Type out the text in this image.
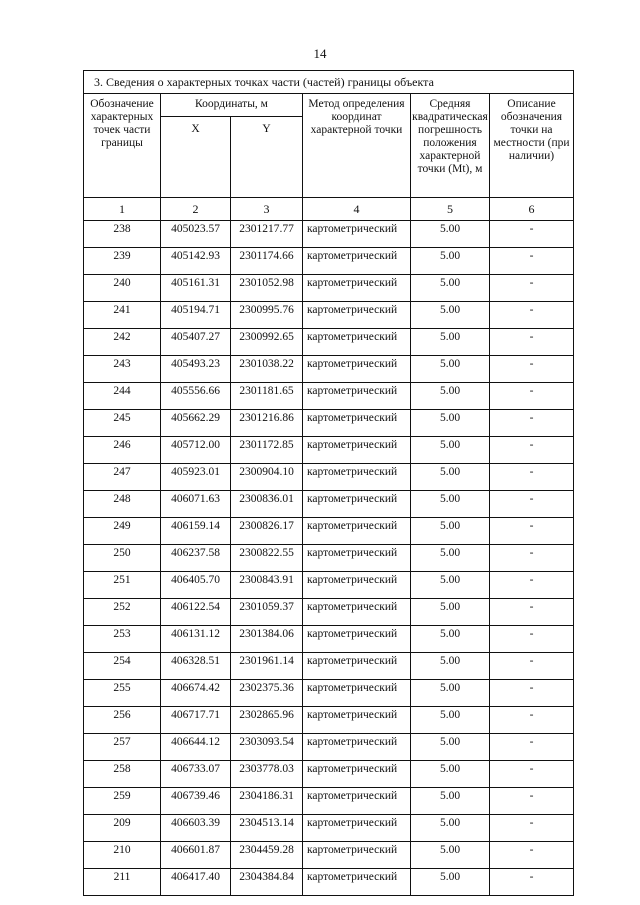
14
3. Сведения о характерных точках части (частей) границы объекта					
Обозначение характерных точек части границы	Координаты, м		Метод определения координат характерной точки	Средняя квадратическая погрешность положения характерной точки (Mt), м	Описание обозначения точки на местности (при наличии)
	X	Y			
1	2	3	4	5	6
238	405023.57	2301217.77	картометрический	5.00	-
239	405142.93	2301174.66	картометрический	5.00	-
240	405161.31	2301052.98	картометрический	5.00	-
241	405194.71	2300995.76	картометрический	5.00	-
242	405407.27	2300992.65	картометрический	5.00	-
243	405493.23	2301038.22	картометрический	5.00	-
244	405556.66	2301181.65	картометрический	5.00	-
245	405662.29	2301216.86	картометрический	5.00	-
246	405712.00	2301172.85	картометрический	5.00	-
247	405923.01	2300904.10	картометрический	5.00	-
248	406071.63	2300836.01	картометрический	5.00	-
249	406159.14	2300826.17	картометрический	5.00	-
250	406237.58	2300822.55	картометрический	5.00	-
251	406405.70	2300843.91	картометрический	5.00	-
252	406122.54	2301059.37	картометрический	5.00	-
253	406131.12	2301384.06	картометрический	5.00	-
254	406328.51	2301961.14	картометрический	5.00	-
255	406674.42	2302375.36	картометрический	5.00	-
256	406717.71	2302865.96	картометрический	5.00	-
257	406644.12	2303093.54	картометрический	5.00	-
258	406733.07	2303778.03	картометрический	5.00	-
259	406739.46	2304186.31	картометрический	5.00	-
209	406603.39	2304513.14	картометрический	5.00	-
210	406601.87	2304459.28	картометрический	5.00	-
211	406417.40	2304384.84	картометрический	5.00	-
